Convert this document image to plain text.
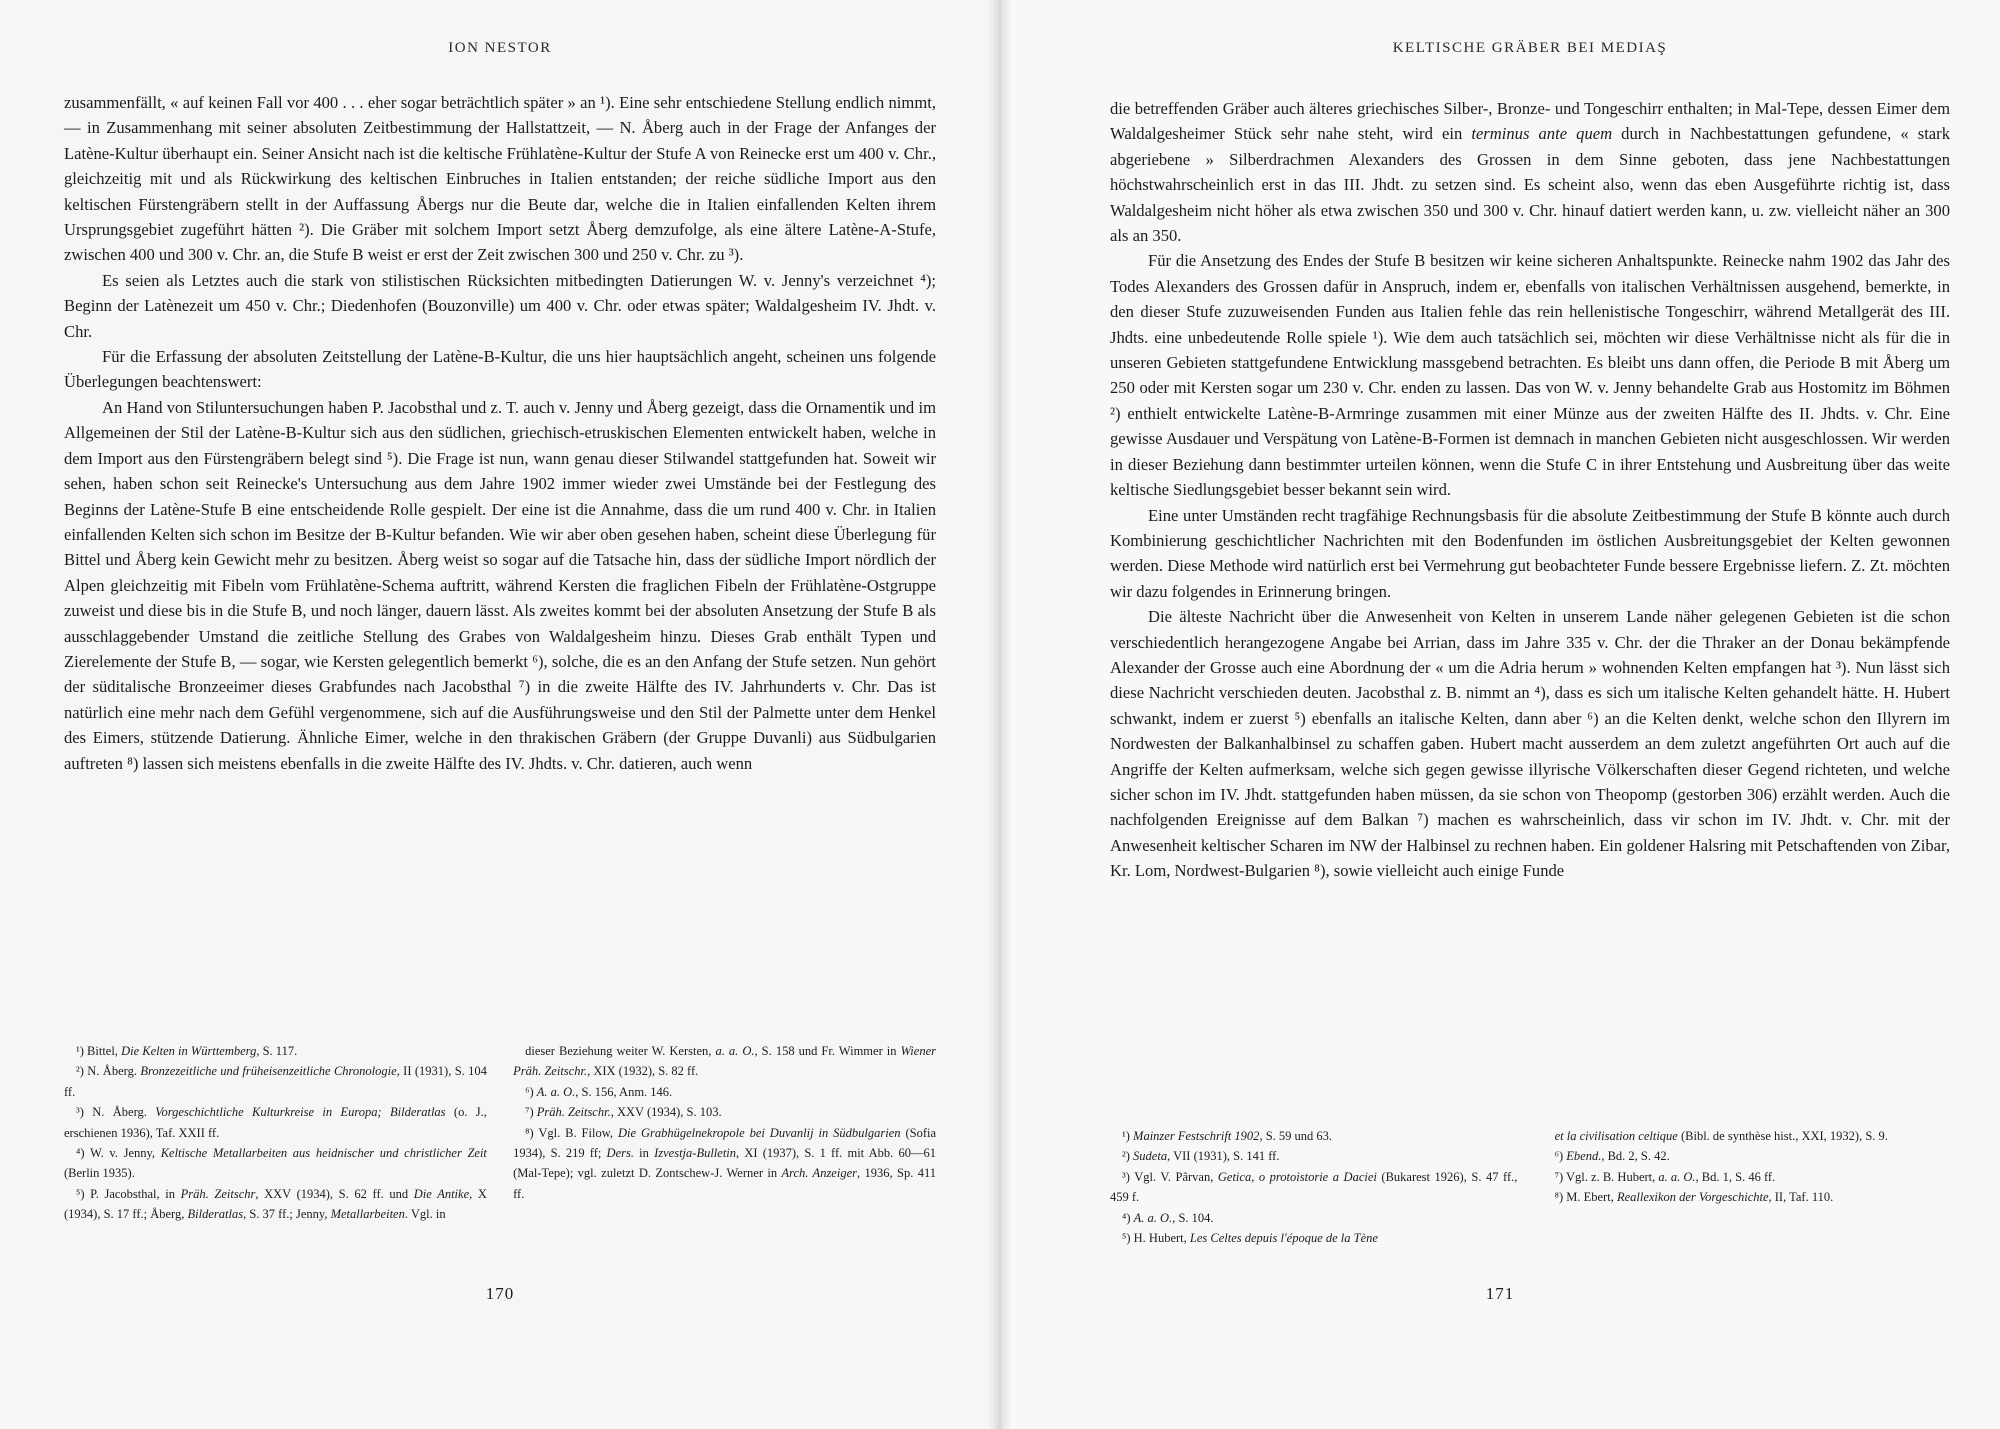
ION NESTOR

zusammenfällt, « auf keinen Fall vor 400 . . . eher sogar beträchtlich später » an ¹). Eine sehr entschiedene Stellung endlich nimmt, — in Zusammenhang mit seiner absoluten Zeitbestimmung der Hallstattzeit, — N. Åberg auch in der Frage der Anfanges der Latène-Kultur überhaupt ein. Seiner Ansicht nach ist die keltische Frühlatène-Kultur der Stufe A von Reinecke erst um 400 v. Chr., gleichzeitig mit und als Rückwirkung des keltischen Einbruches in Italien entstanden; der reiche südliche Import aus den keltischen Fürstengräbern stellt in der Auffassung Åbergs nur die Beute dar, welche die in Italien einfallenden Kelten ihrem Ursprungsgebiet zugeführt hätten ²). Die Gräber mit solchem Import setzt Åberg demzufolge, als eine ältere Latène-A-Stufe, zwischen 400 und 300 v. Chr. an, die Stufe B weist er erst der Zeit zwischen 300 und 250 v. Chr. zu ³).

Es seien als Letztes auch die stark von stilistischen Rücksichten mitbedingten Datierungen W. v. Jenny's verzeichnet ⁴); Beginn der Latènezeit um 450 v. Chr.; Diedenhofen (Bouzonville) um 400 v. Chr. oder etwas später; Waldalgesheim IV. Jhdt. v. Chr.

Für die Erfassung der absoluten Zeitstellung der Latène-B-Kultur, die uns hier hauptsächlich angeht, scheinen uns folgende Überlegungen beachtenswert:

An Hand von Stiluntersuchungen haben P. Jacobsthal und z. T. auch v. Jenny und Åberg gezeigt, dass die Ornamentik und im Allgemeinen der Stil der Latène-B-Kultur sich aus den südlichen, griechisch-etruskischen Elementen entwickelt haben, welche in dem Import aus den Fürstengräbern belegt sind ⁵). Die Frage ist nun, wann genau dieser Stilwandel stattgefunden hat. Soweit wir sehen, haben schon seit Reinecke's Untersuchung aus dem Jahre 1902 immer wieder zwei Umstände bei der Festlegung des Beginns der Latène-Stufe B eine entscheidende Rolle gespielt. Der eine ist die Annahme, dass die um rund 400 v. Chr. in Italien einfallenden Kelten sich schon im Besitze der B-Kultur befanden. Wie wir aber oben gesehen haben, scheint diese Überlegung für Bittel und Åberg kein Gewicht mehr zu besitzen. Åberg weist so sogar auf die Tatsache hin, dass der südliche Import nördlich der Alpen gleichzeitig mit Fibeln vom Frühlatène-Schema auftritt, während Kersten die fraglichen Fibeln der Frühlatène-Ostgruppe zuweist und diese bis in die Stufe B, und noch länger, dauern lässt. Als zweites kommt bei der absoluten Ansetzung der Stufe B als ausschlaggebender Umstand die zeitliche Stellung des Grabes von Waldalgesheim hinzu. Dieses Grab enthält Typen und Zierelemente der Stufe B, — sogar, wie Kersten gelegentlich bemerkt ⁶), solche, die es an den Anfang der Stufe setzen. Nun gehört der süditalische Bronzeeimer dieses Grabfundes nach Jacobsthal ⁷) in die zweite Hälfte des IV. Jahrhunderts v. Chr. Das ist natürlich eine mehr nach dem Gefühl vergenommene, sich auf die Ausführungsweise und den Stil der Palmette unter dem Henkel des Eimers, stützende Datierung. Ähnliche Eimer, welche in den thrakischen Gräbern (der Gruppe Duvanli) aus Südbulgarien auftreten ⁸) lassen sich meistens ebenfalls in die zweite Hälfte des IV. Jhdts. v. Chr. datieren, auch wenn

¹) Bittel, Die Kelten in Württemberg, S. 117.

²) N. Åberg. Bronzezeitliche und früheisenzeitliche Chronologie, II (1931), S. 104 ff.

³) N. Åberg. Vorgeschichtliche Kulturkreise in Europa; Bilderatlas (o. J., erschienen 1936), Taf. XXII ff.

⁴) W. v. Jenny, Keltische Metallarbeiten aus heidnischer und christlicher Zeit (Berlin 1935).

⁵) P. Jacobsthal, in Präh. Zeitschr, XXV (1934), S. 62 ff. und Die Antike, X (1934), S. 17 ff.; Åberg, Bilderatlas, S. 37 ff.; Jenny, Metallarbeiten. Vgl. in

dieser Beziehung weiter W. Kersten, a. a. O., S. 158 und Fr. Wimmer in Wiener Präh. Zeitschr., XIX (1932), S. 82 ff.

⁶) A. a. O., S. 156, Anm. 146.

⁷) Präh. Zeitschr., XXV (1934), S. 103.

⁸) Vgl. B. Filow, Die Grabhügelnekropole bei Duvanlij in Südbulgarien (Sofia 1934), S. 219 ff; Ders. in Izvestja-Bulletin, XI (1937), S. 1 ff. mit Abb. 60—61 (Mal-Tepe); vgl. zuletzt D. Zontschew-J. Werner in Arch. Anzeiger, 1936, Sp. 411 ff.

170
KELTISCHE GRÄBER BEI MEDIAŞ

die betreffenden Gräber auch älteres griechisches Silber-, Bronze- und Tongeschirr enthalten; in Mal-Tepe, dessen Eimer dem Waldalgesheimer Stück sehr nahe steht, wird ein terminus ante quem durch in Nachbestattungen gefundene, « stark abgeriebene » Silberdrachmen Alexanders des Grossen in dem Sinne geboten, dass jene Nachbestattungen höchstwahrscheinlich erst in das III. Jhdt. zu setzen sind. Es scheint also, wenn das eben Ausgeführte richtig ist, dass Waldalgesheim nicht höher als etwa zwischen 350 und 300 v. Chr. hinauf datiert werden kann, u. zw. vielleicht näher an 300 als an 350.

Für die Ansetzung des Endes der Stufe B besitzen wir keine sicheren Anhaltspunkte. Reinecke nahm 1902 das Jahr des Todes Alexanders des Grossen dafür in Anspruch, indem er, ebenfalls von italischen Verhältnissen ausgehend, bemerkte, in den dieser Stufe zuzuweisenden Funden aus Italien fehle das rein hellenistische Tongeschirr, während Metallgerät des III. Jhdts. eine unbedeutende Rolle spiele ¹). Wie dem auch tatsächlich sei, möchten wir diese Verhältnisse nicht als für die in unseren Gebieten stattgefundene Entwicklung massgebend betrachten. Es bleibt uns dann offen, die Periode B mit Åberg um 250 oder mit Kersten sogar um 230 v. Chr. enden zu lassen. Das von W. v. Jenny behandelte Grab aus Hostomitz im Böhmen ²) enthielt entwickelte Latène-B-Armringe zusammen mit einer Münze aus der zweiten Hälfte des II. Jhdts. v. Chr. Eine gewisse Ausdauer und Verspätung von Latène-B-Formen ist demnach in manchen Gebieten nicht ausgeschlossen. Wir werden in dieser Beziehung dann bestimmter urteilen können, wenn die Stufe C in ihrer Entstehung und Ausbreitung über das weite keltische Siedlungsgebiet besser bekannt sein wird.

Eine unter Umständen recht tragfähige Rechnungsbasis für die absolute Zeitbestimmung der Stufe B könnte auch durch Kombinierung geschichtlicher Nachrichten mit den Bodenfunden im östlichen Ausbreitungsgebiet der Kelten gewonnen werden. Diese Methode wird natürlich erst bei Vermehrung gut beobachteter Funde bessere Ergebnisse liefern. Z. Zt. möchten wir dazu folgendes in Erinnerung bringen.

Die älteste Nachricht über die Anwesenheit von Kelten in unserem Lande näher gelegenen Gebieten ist die schon verschiedentlich herangezogene Angabe bei Arrian, dass im Jahre 335 v. Chr. der die Thraker an der Donau bekämpfende Alexander der Grosse auch eine Abordnung der « um die Adria herum » wohnenden Kelten empfangen hat ³). Nun lässt sich diese Nachricht verschieden deuten. Jacobsthal z. B. nimmt an ⁴), dass es sich um italische Kelten gehandelt hätte. H. Hubert schwankt, indem er zuerst ⁵) ebenfalls an italische Kelten, dann aber ⁶) an die Kelten denkt, welche schon den Illyrern im Nordwesten der Balkanhalbinsel zu schaffen gaben. Hubert macht ausserdem an dem zuletzt angeführten Ort auch auf die Angriffe der Kelten aufmerksam, welche sich gegen gewisse illyrische Völkerschaften dieser Gegend richteten, und welche sicher schon im IV. Jhdt. stattgefunden haben müssen, da sie schon von Theopomp (gestorben 306) erzählt werden. Auch die nachfolgenden Ereignisse auf dem Balkan ⁷) machen es wahrscheinlich, dass vir schon im IV. Jhdt. v. Chr. mit der Anwesenheit keltischer Scharen im NW der Halbinsel zu rechnen haben. Ein goldener Halsring mit Petschaftenden von Zibar, Kr. Lom, Nordwest-Bulgarien ⁸), sowie vielleicht auch einige Funde

¹) Mainzer Festschrift 1902, S. 59 und 63.

²) Sudeta, VII (1931), S. 141 ff.

³) Vgl. V. Pârvan, Getica, o protoistorie a Daciei (Bukarest 1926), S. 47 ff., 459 f.

⁴) A. a. O., S. 104.

⁵) H. Hubert, Les Celtes depuis l'époque de la Tène

et la civilisation celtique (Bibl. de synthèse hist., XXI, 1932), S. 9.

⁶) Ebend., Bd. 2, S. 42.

⁷) Vgl. z. B. Hubert, a. a. O., Bd. 1, S. 46 ff.

⁸) M. Ebert, Reallexikon der Vorgeschichte, II, Taf. 110.

171
